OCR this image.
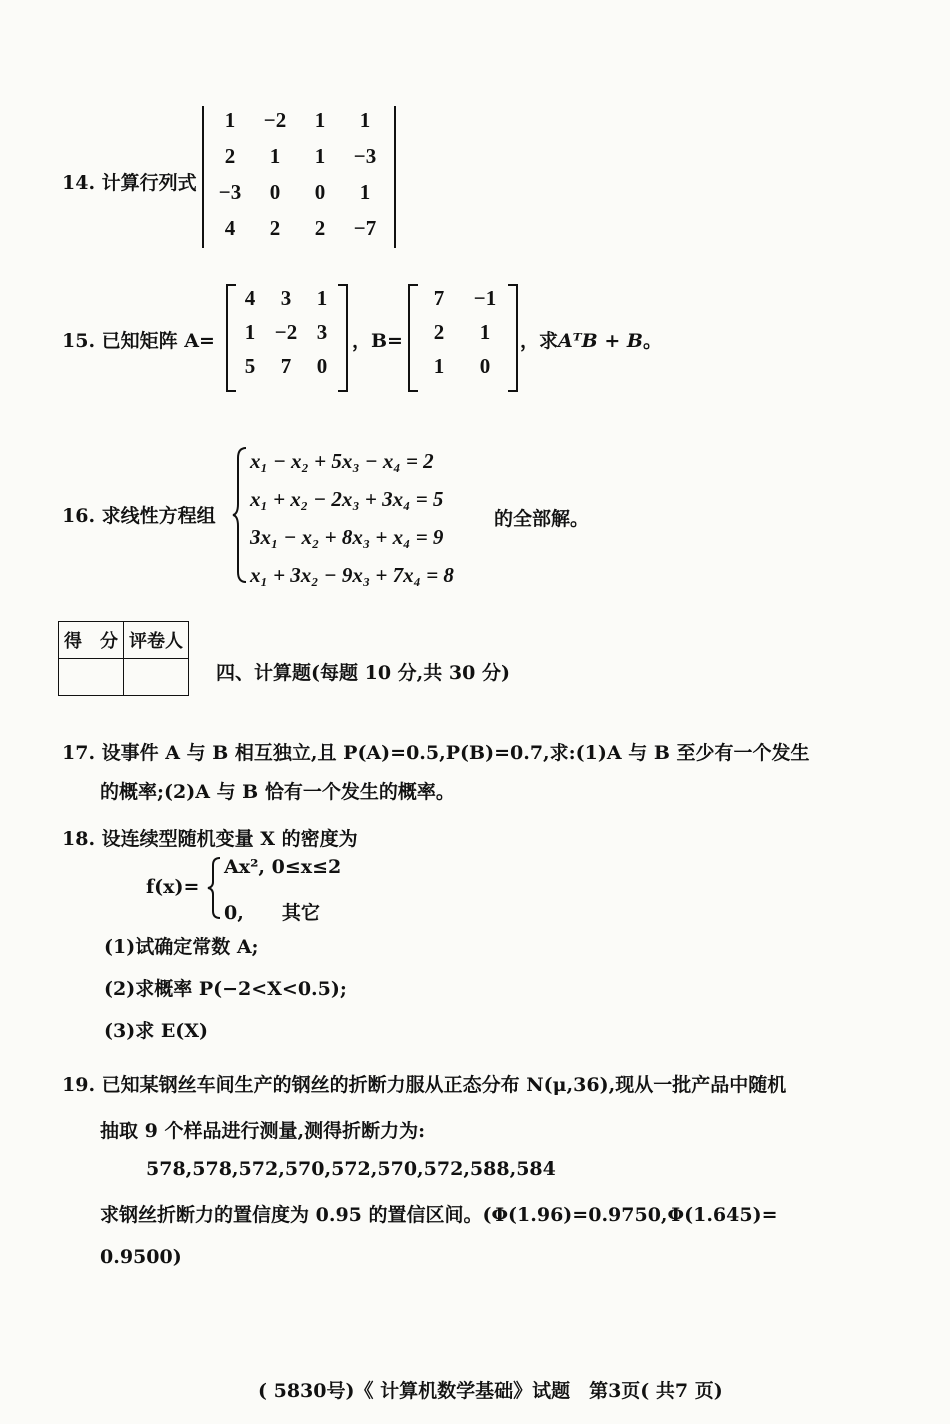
14. 计算行列式
1	−2	1	1
2	1	1	−3
−3	0	0	1
4	2	2	−7
15. 已知矩阵 A=
4	3	1
1 −2 3
5	7	0
，B=
7	−1
2	1
1	0
，求AᵀB + B。
16. 求线性方程组
x₁ − x₂ + 5x₃ − x₄ = 2
x₁ + x₂ − 2x₃ + 3x₄ = 5
3x₁ − x₂ + 8x₃ + x₄ = 9
x₁ + 3x₂ − 9x₃ + 7x₄ = 8
的全部解。
得　分	评卷人

四、计算题(每题 10 分,共 30 分)
17. 设事件 A 与 B 相互独立,且 P(A)=0.5,P(B)=0.7,求:(1)A 与 B 至少有一个发生
的概率;(2)A 与 B 恰有一个发生的概率。
18. 设连续型随机变量 X 的密度为
f(x)=
Ax², 0≤x≤2
0,　　其它
(1)试确定常数 A;
(2)求概率 P(−2<X<0.5);
(3)求 E(X)
19. 已知某钢丝车间生产的钢丝的折断力服从正态分布 N(μ,36),现从一批产品中随机
抽取 9 个样品进行测量,测得折断力为:
578,578,572,570,572,570,572,588,584
求钢丝折断力的置信度为 0.95 的置信区间。(Φ(1.96)=0.9750,Φ(1.645)=
0.9500)
( 5830号)《 计算机数学基础》试题　第3页( 共7 页)
